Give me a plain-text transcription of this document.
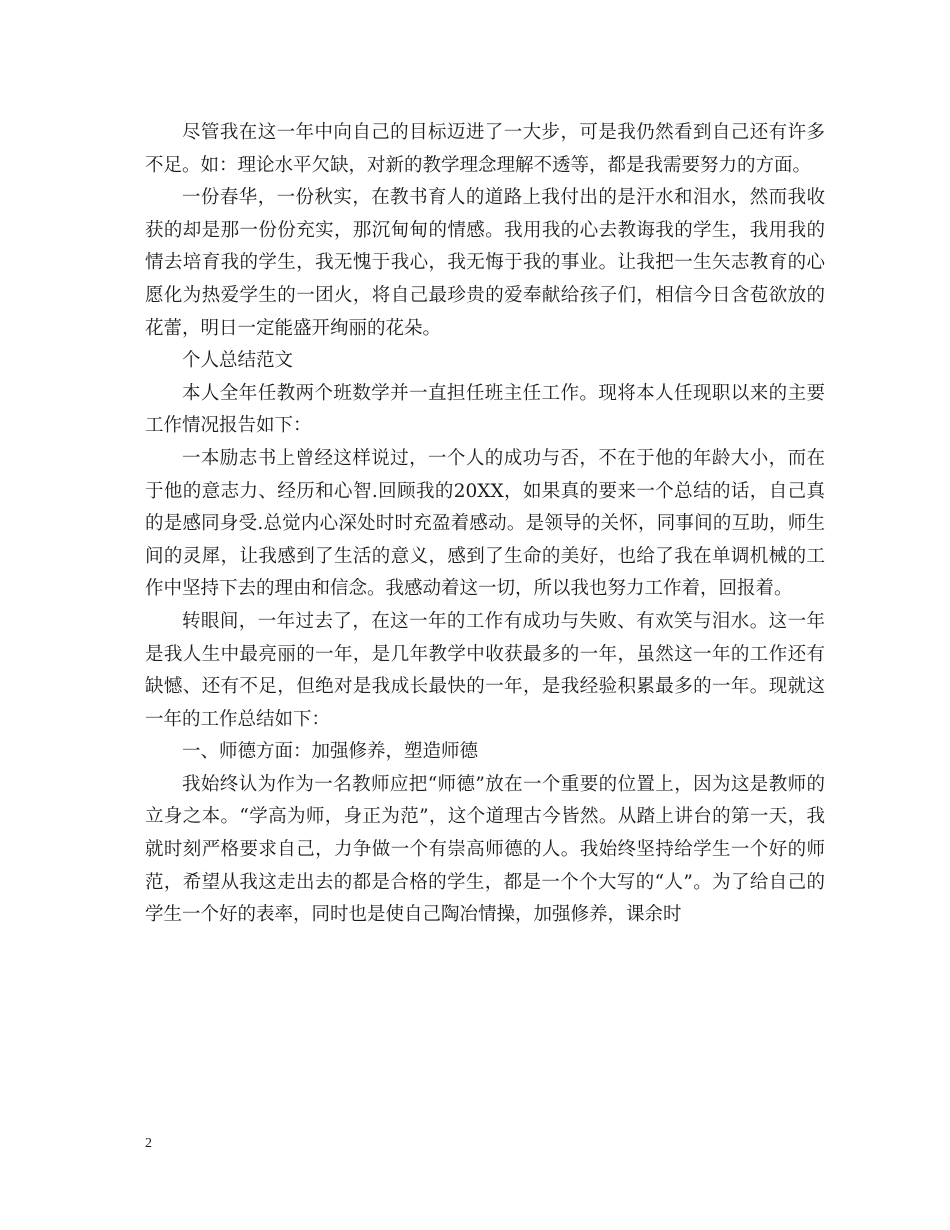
尽管我在这一年中向自己的目标迈进了一大步，可是我仍然看到自己还有许多不足。如：理论水平欠缺，对新的教学理念理解不透等，都是我需要努力的方面。

一份春华，一份秋实，在教书育人的道路上我付出的是汗水和泪水，然而我收获的却是那一份份充实，那沉甸甸的情感。我用我的心去教诲我的学生，我用我的情去培育我的学生，我无愧于我心，我无悔于我的事业。让我把一生矢志教育的心愿化为热爱学生的一团火，将自己最珍贵的爱奉献给孩子们，相信今日含苞欲放的花蕾，明日一定能盛开绚丽的花朵。

个人总结范文

本人全年任教两个班数学并一直担任班主任工作。现将本人任现职以来的主要工作情况报告如下：

一本励志书上曾经这样说过，一个人的成功与否，不在于他的年龄大小，而在于他的意志力、经历和心智.回顾我的20XX，如果真的要来一个总结的话，自己真的是感同身受.总觉内心深处时时充盈着感动。是领导的关怀，同事间的互助，师生间的灵犀，让我感到了生活的意义，感到了生命的美好，也给了我在单调机械的工作中坚持下去的理由和信念。我感动着这一切，所以我也努力工作着，回报着。

转眼间，一年过去了，在这一年的工作有成功与失败、有欢笑与泪水。这一年是我人生中最亮丽的一年，是几年教学中收获最多的一年，虽然这一年的工作还有缺憾、还有不足，但绝对是我成长最快的一年，是我经验积累最多的一年。现就这一年的工作总结如下：

一、师德方面：加强修养，塑造师德

我始终认为作为一名教师应把“师德”放在一个重要的位置上，因为这是教师的立身之本。“学高为师，身正为范”，这个道理古今皆然。从踏上讲台的第一天，我就时刻严格要求自己，力争做一个有崇高师德的人。我始终坚持给学生一个好的师范，希望从我这走出去的都是合格的学生，都是一个个大写的“人”。为了给自己的学生一个好的表率，同时也是使自己陶冶情操，加强修养，课余时

2
